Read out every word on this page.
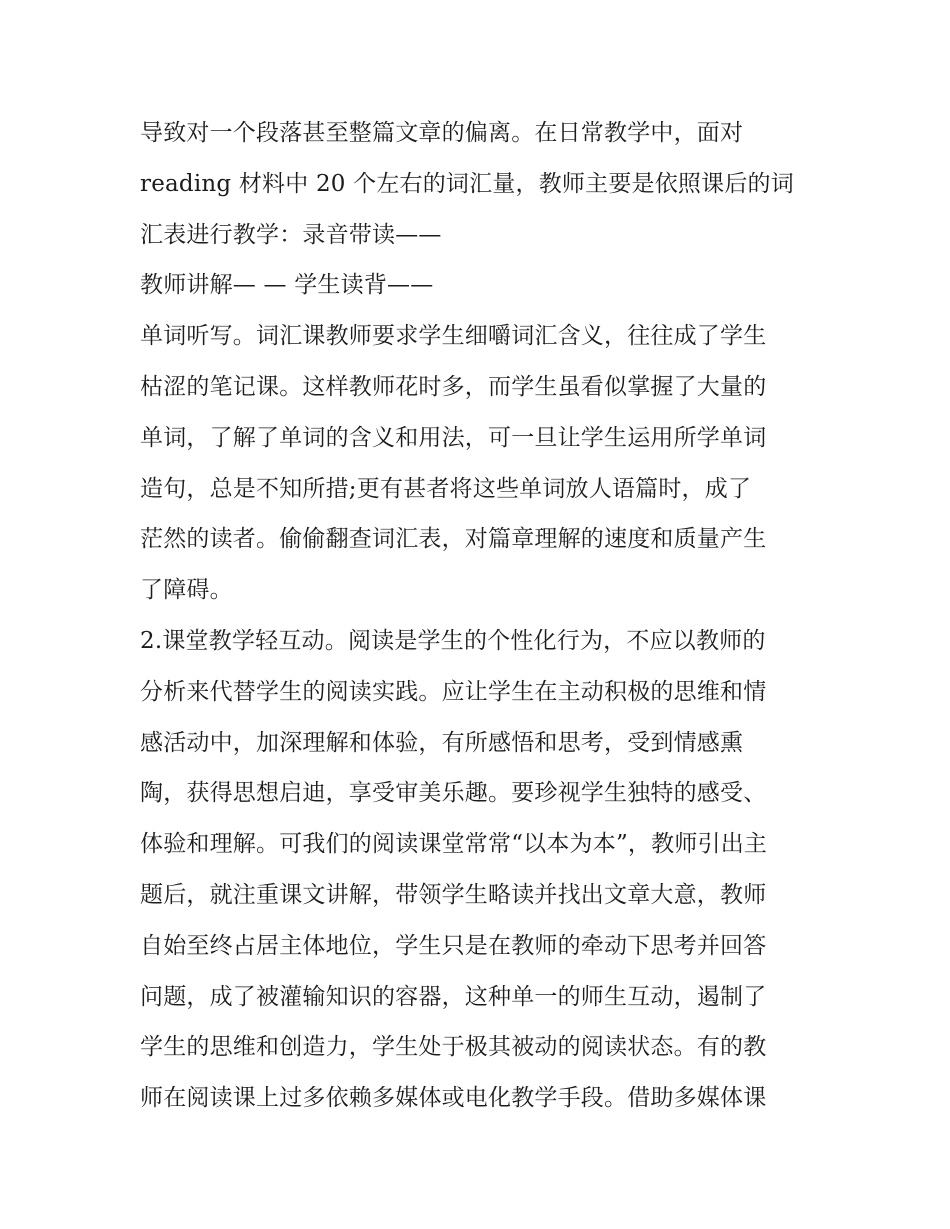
导致对一个段落甚至整篇文章的偏离。在日常教学中，面对
reading 材料中 20 个左右的词汇量，教师主要是依照课后的词
汇表进行教学：录音带读——
教师讲解— — 学生读背——
单词听写。词汇课教师要求学生细嚼词汇含义，往往成了学生
枯涩的笔记课。这样教师花时多，而学生虽看似掌握了大量的
单词，了解了单词的含义和用法，可一旦让学生运用所学单词
造句，总是不知所措;更有甚者将这些单词放人语篇时，成了
茫然的读者。偷偷翻查词汇表，对篇章理解的速度和质量产生
了障碍。
2.课堂教学轻互动。阅读是学生的个性化行为，不应以教师的
分析来代替学生的阅读实践。应让学生在主动积极的思维和情
感活动中，加深理解和体验，有所感悟和思考，受到情感熏
陶，获得思想启迪，享受审美乐趣。要珍视学生独特的感受、
体验和理解。可我们的阅读课堂常常“以本为本”，教师引出主
题后，就注重课文讲解，带领学生略读并找出文章大意，教师
自始至终占居主体地位，学生只是在教师的牵动下思考并回答
问题，成了被灌输知识的容器，这种单一的师生互动，遏制了
学生的思维和创造力，学生处于极其被动的阅读状态。有的教
师在阅读课上过多依赖多媒体或电化教学手段。借助多媒体课
